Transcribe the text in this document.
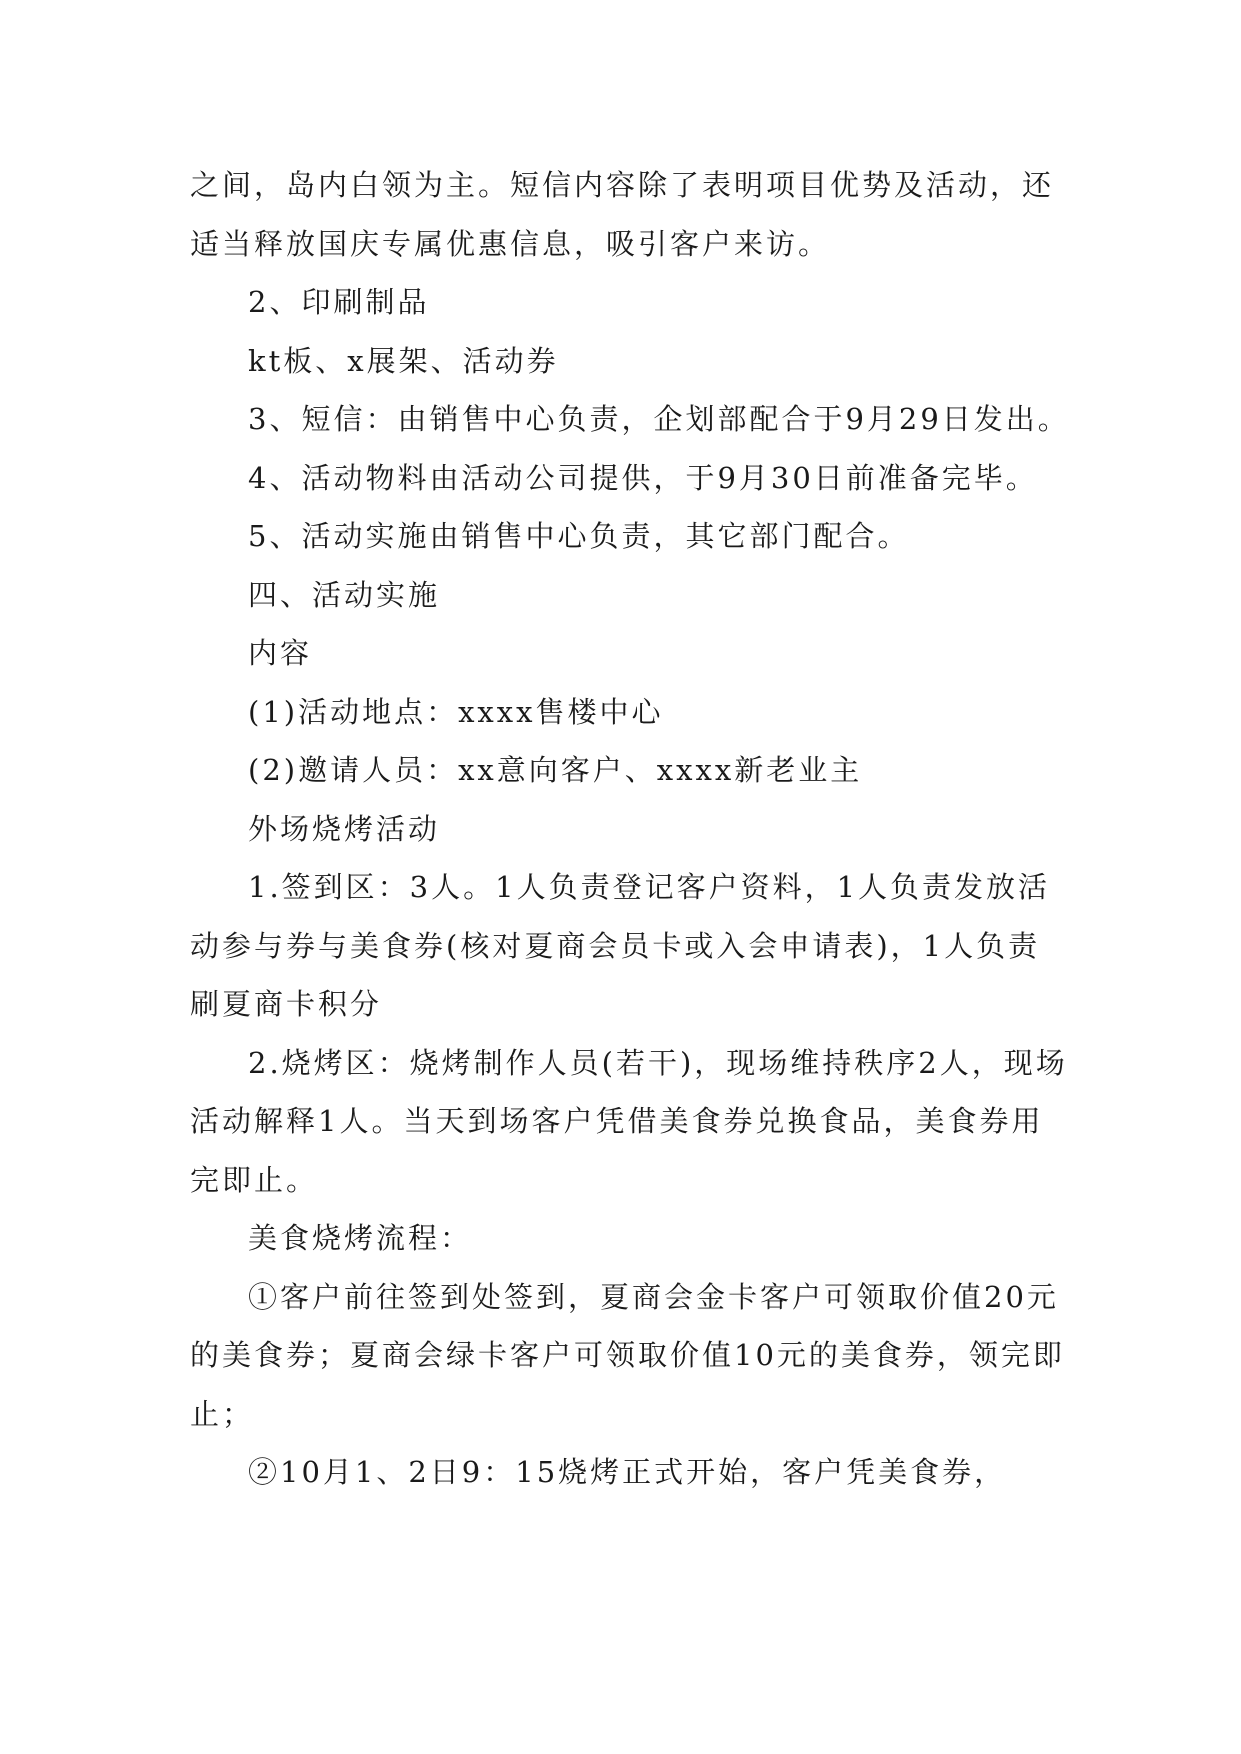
之间，岛内白领为主。短信内容除了表明项目优势及活动，还适当释放国庆专属优惠信息，吸引客户来访。

2、印刷制品

kt板、x展架、活动券

3、短信：由销售中心负责，企划部配合于9月29日发出。

4、活动物料由活动公司提供，于9月30日前准备完毕。

5、活动实施由销售中心负责，其它部门配合。

四、活动实施

内容

(1)活动地点：xxxx售楼中心

(2)邀请人员：xx意向客户、xxxx新老业主

外场烧烤活动

1.签到区：3人。1人负责登记客户资料，1人负责发放活动参与券与美食券(核对夏商会员卡或入会申请表)，1人负责刷夏商卡积分

2.烧烤区：烧烤制作人员(若干)，现场维持秩序2人，现场活动解释1人。当天到场客户凭借美食券兑换食品，美食券用完即止。

美食烧烤流程：

①客户前往签到处签到，夏商会金卡客户可领取价值20元的美食券；夏商会绿卡客户可领取价值10元的美食券，领完即止；

②10月1、2日9：15烧烤正式开始，客户凭美食券，
